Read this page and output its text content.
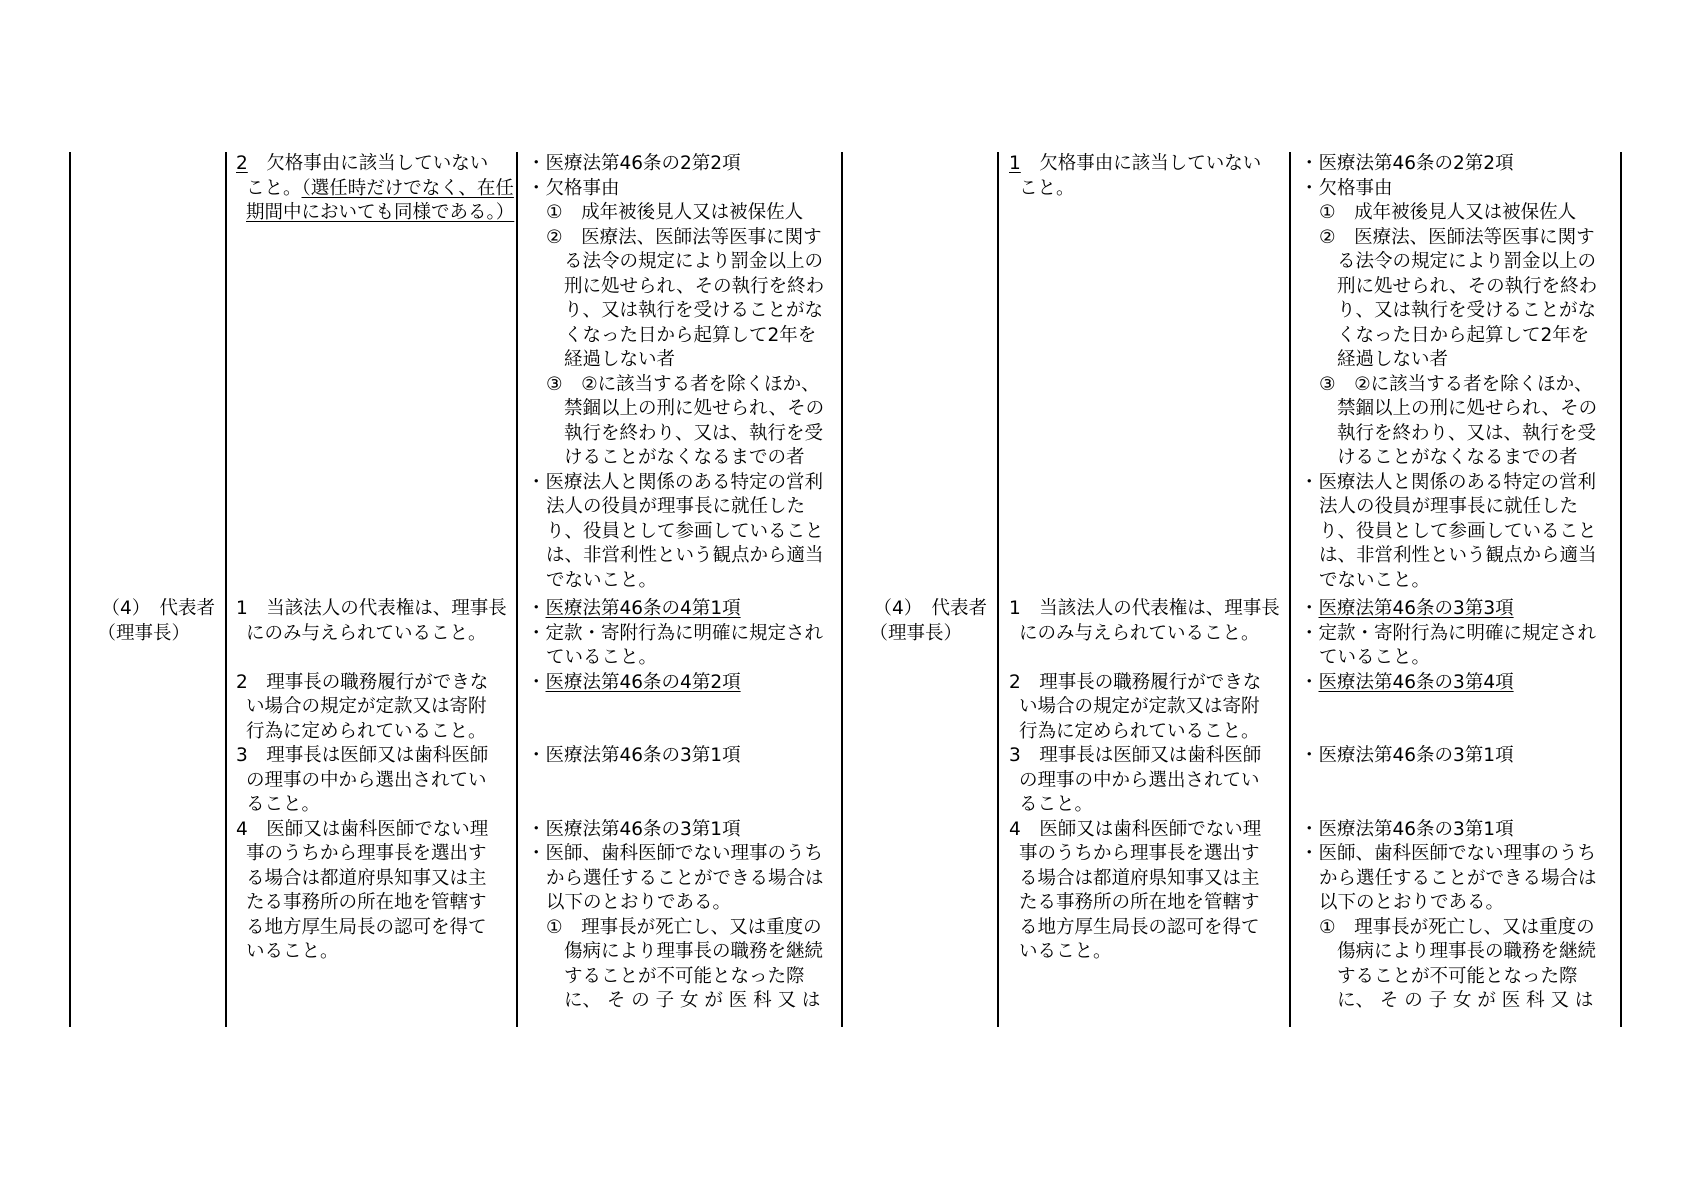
2　 欠格事由に該当していない
こと。（選任時だけでなく、在任
期間中においても同様である。）
・医療法第46条の2第2項
・欠格事由
①　成年被後見人又は被保佐人
②　医療法、医師法等医事に関す
る法令の規定により罰金以上の
刑に処せられ、その執行を終わ
り、又は執行を受けることがな
くなった日から起算して2年を
経過しない者
③　②に該当する者を除くほか、
禁錮以上の刑に処せられ、その
執行を終わり、又は、執行を受
けることがなくなるまでの者
・医療法人と関係のある特定の営利
法人の役員が理事長に就任した
り、役員として参画していること
は、非営利性という観点から適当
でないこと。
（4）　 代表者
（理事長）
1　当該法人の代表権は、理事長
にのみ与えられていること。
2　理事長の職務履行ができな
い場合の規定が定款又は寄附
行為に定められていること。
3　理事長は医師又は歯科医師
の理事の中から選出されてい
ること。
4　医師又は歯科医師でない理
事のうちから理事長を選出す
る場合は都道府県知事又は主
たる事務所の所在地を管轄す
る地方厚生局長の認可を得て
いること。
・医療法第46条の4第1項
・定款・寄附行為に明確に規定され
ていること。
・医療法第46条の4第2項
・医療法第46条の3第1項
・医療法第46条の3第1項
・医師、歯科医師でない理事のうち
から選任することができる場合は
以下のとおりである。
①　理事長が死亡し、又は重度の
傷病により理事長の職務を継続
することが不可能となった際
に、 そ の 子 女 が 医 科 又 は
1　 欠格事由に該当していない
こと。
・医療法第46条の2第2項
・欠格事由
①　成年被後見人又は被保佐人
②　医療法、医師法等医事に関す
る法令の規定により罰金以上の
刑に処せられ、その執行を終わ
り、又は執行を受けることがな
くなった日から起算して2年を
経過しない者
③　②に該当する者を除くほか、
禁錮以上の刑に処せられ、その
執行を終わり、又は、執行を受
けることがなくなるまでの者
・医療法人と関係のある特定の営利
法人の役員が理事長に就任した
り、役員として参画していること
は、非営利性という観点から適当
でないこと。
（4）　 代表者
（理事長）
1　当該法人の代表権は、理事長
にのみ与えられていること。
2　理事長の職務履行ができな
い場合の規定が定款又は寄附
行為に定められていること。
3　理事長は医師又は歯科医師
の理事の中から選出されてい
ること。
4　医師又は歯科医師でない理
事のうちから理事長を選出す
る場合は都道府県知事又は主
たる事務所の所在地を管轄す
る地方厚生局長の認可を得て
いること。
・医療法第46条の3第3項
・定款・寄附行為に明確に規定され
ていること。
・医療法第46条の3第4項
・医療法第46条の3第1項
・医療法第46条の3第1項
・医師、歯科医師でない理事のうち
から選任することができる場合は
以下のとおりである。
①　理事長が死亡し、又は重度の
傷病により理事長の職務を継続
することが不可能となった際
に、 そ の 子 女 が 医 科 又 は
